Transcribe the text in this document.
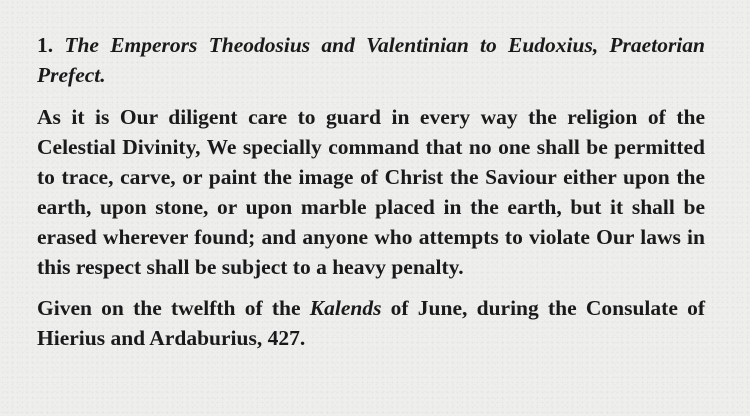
1. The Emperors Theodosius and Valentinian to Eudoxius, Praetorian Prefect.

As it is Our diligent care to guard in every way the religion of the Celestial Divinity, We specially command that no one shall be permitted to trace, carve, or paint the image of Christ the Saviour either upon the earth, upon stone, or upon marble placed in the earth, but it shall be erased wherever found; and anyone who attempts to violate Our laws in this respect shall be subject to a heavy penalty.

Given on the twelfth of the Kalends of June, during the Consulate of Hierius and Ardaburius, 427.
